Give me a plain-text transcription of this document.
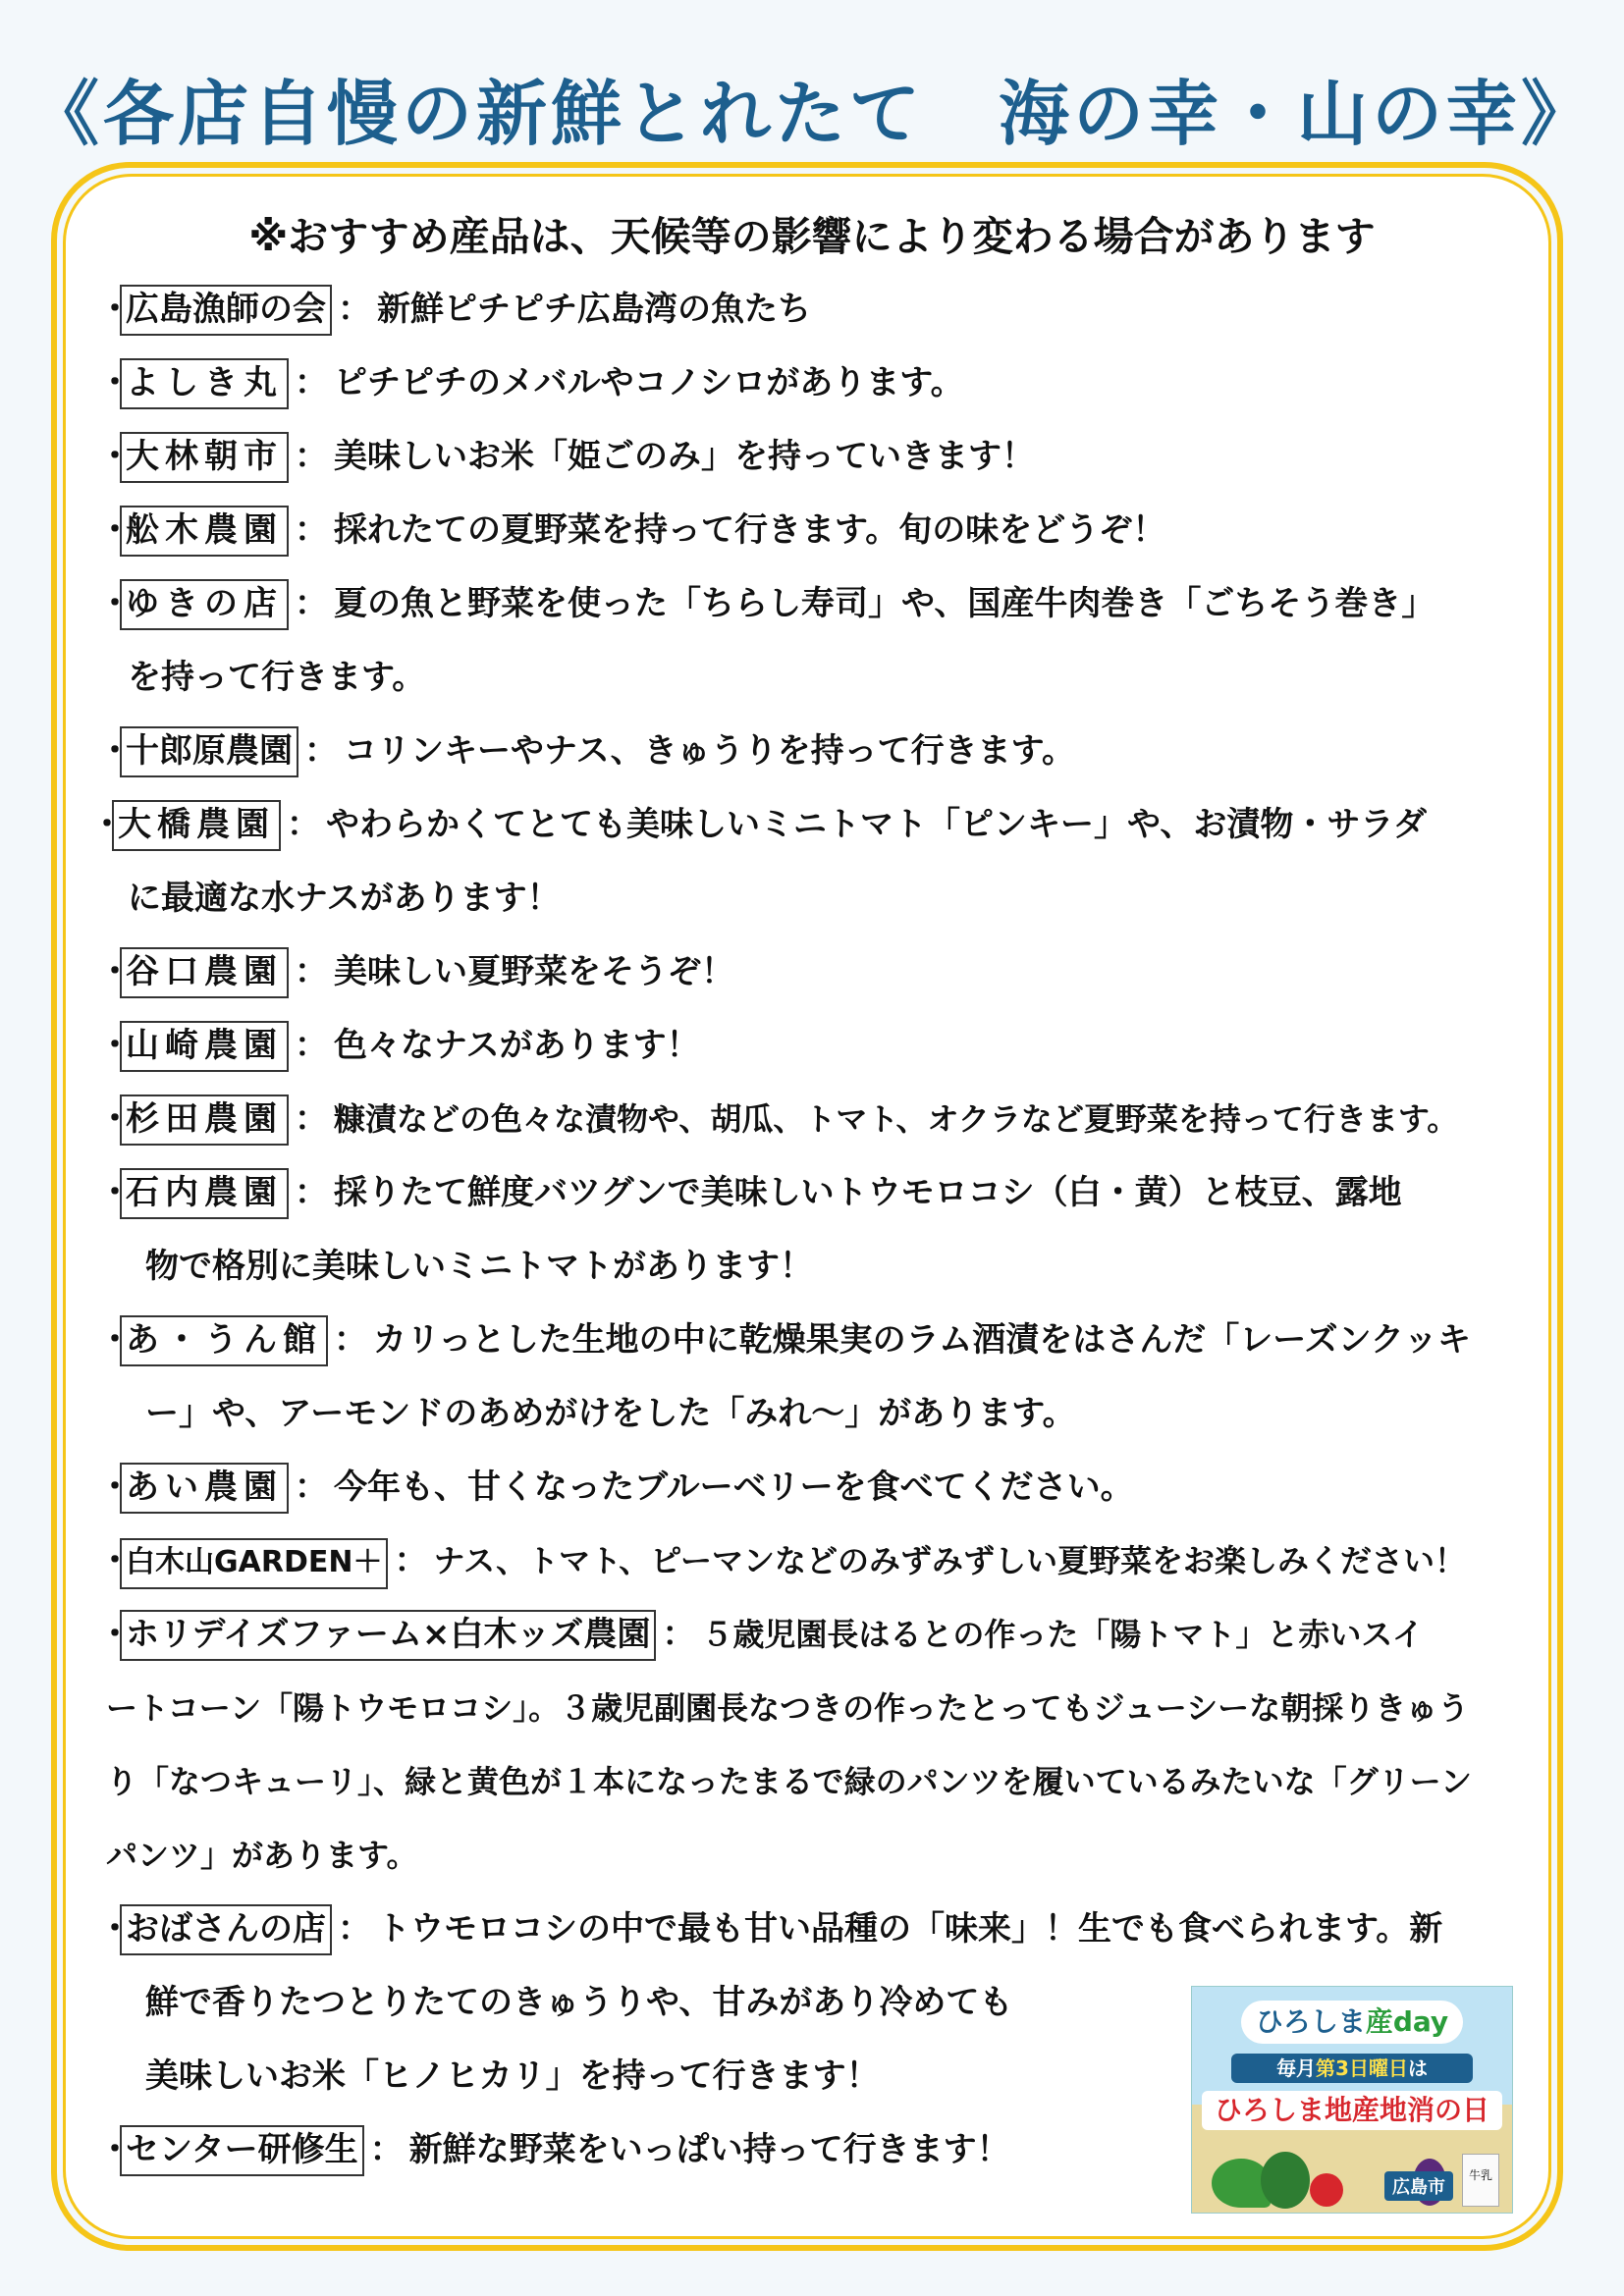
《各店自慢の新鮮とれたて　海の幸・山の幸》
※おすすめ産品は、天候等の影響により変わる場合があります
・広島漁師の会 ： 新鮮ピチピチ広島湾の魚たち
・よしき丸 ： ピチピチのメバルやコノシロがあります。
・大林朝市 ： 美味しいお米「姫ごのみ」を持っていきます！
・舩木農園 ： 採れたての夏野菜を持って行きます。旬の味をどうぞ！
・ゆきの店 ： 夏の魚と野菜を使った「ちらし寿司」や、国産牛肉巻き「ごちそう巻き」
を持って行きます。
・十郎原農園 ： コリンキーやナス、きゅうりを持って行きます。
・大橋農園 ： やわらかくてとても美味しいミニトマト「ピンキー」や、お漬物・サラダ
に最適な水ナスがあります！
・谷口農園 ： 美味しい夏野菜をそうぞ！
・山崎農園 ： 色々なナスがあります！
・杉田農園 ： 糠漬などの色々な漬物や、胡瓜、トマト、オクラなど夏野菜を持って行きます。
・石内農園 ： 採りたて鮮度バツグンで美味しいトウモロコシ（白・黄）と枝豆、露地
物で格別に美味しいミニトマトがあります！
・あ・うん館 ： カリっとした生地の中に乾燥果実のラム酒漬をはさんだ「レーズンクッキ
ー」や、アーモンドのあめがけをした「みれ～」があります。
・あい農園 ： 今年も、甘くなったブルーベリーを食べてください。
・白木山GARDEN＋ ： ナス、トマト、ピーマンなどのみずみずしい夏野菜をお楽しみください！
・ホリデイズファーム×白木ッズ農園 ： ５歳児園長はるとの作った「陽トマト」と赤いスイ
ートコーン「陽トウモロコシ」。３歳児副園長なつきの作ったとってもジューシーな朝採りきゅう
り「なつキューリ」、緑と黄色が１本になったまるで緑のパンツを履いているみたいな「グリーン
パンツ」があります。
・おばさんの店 ： トウモロコシの中で最も甘い品種の「味来」！生でも食べられます。新
鮮で香りたつとりたてのきゅうりや、甘みがあり冷めても
美味しいお米「ヒノヒカリ」を持って行きます！
・センター研修生 ： 新鮮な野菜をいっぱい持って行きます！
ひろしま産day
毎月第3日曜日は
ひろしま地産地消の日
牛乳
広島市
